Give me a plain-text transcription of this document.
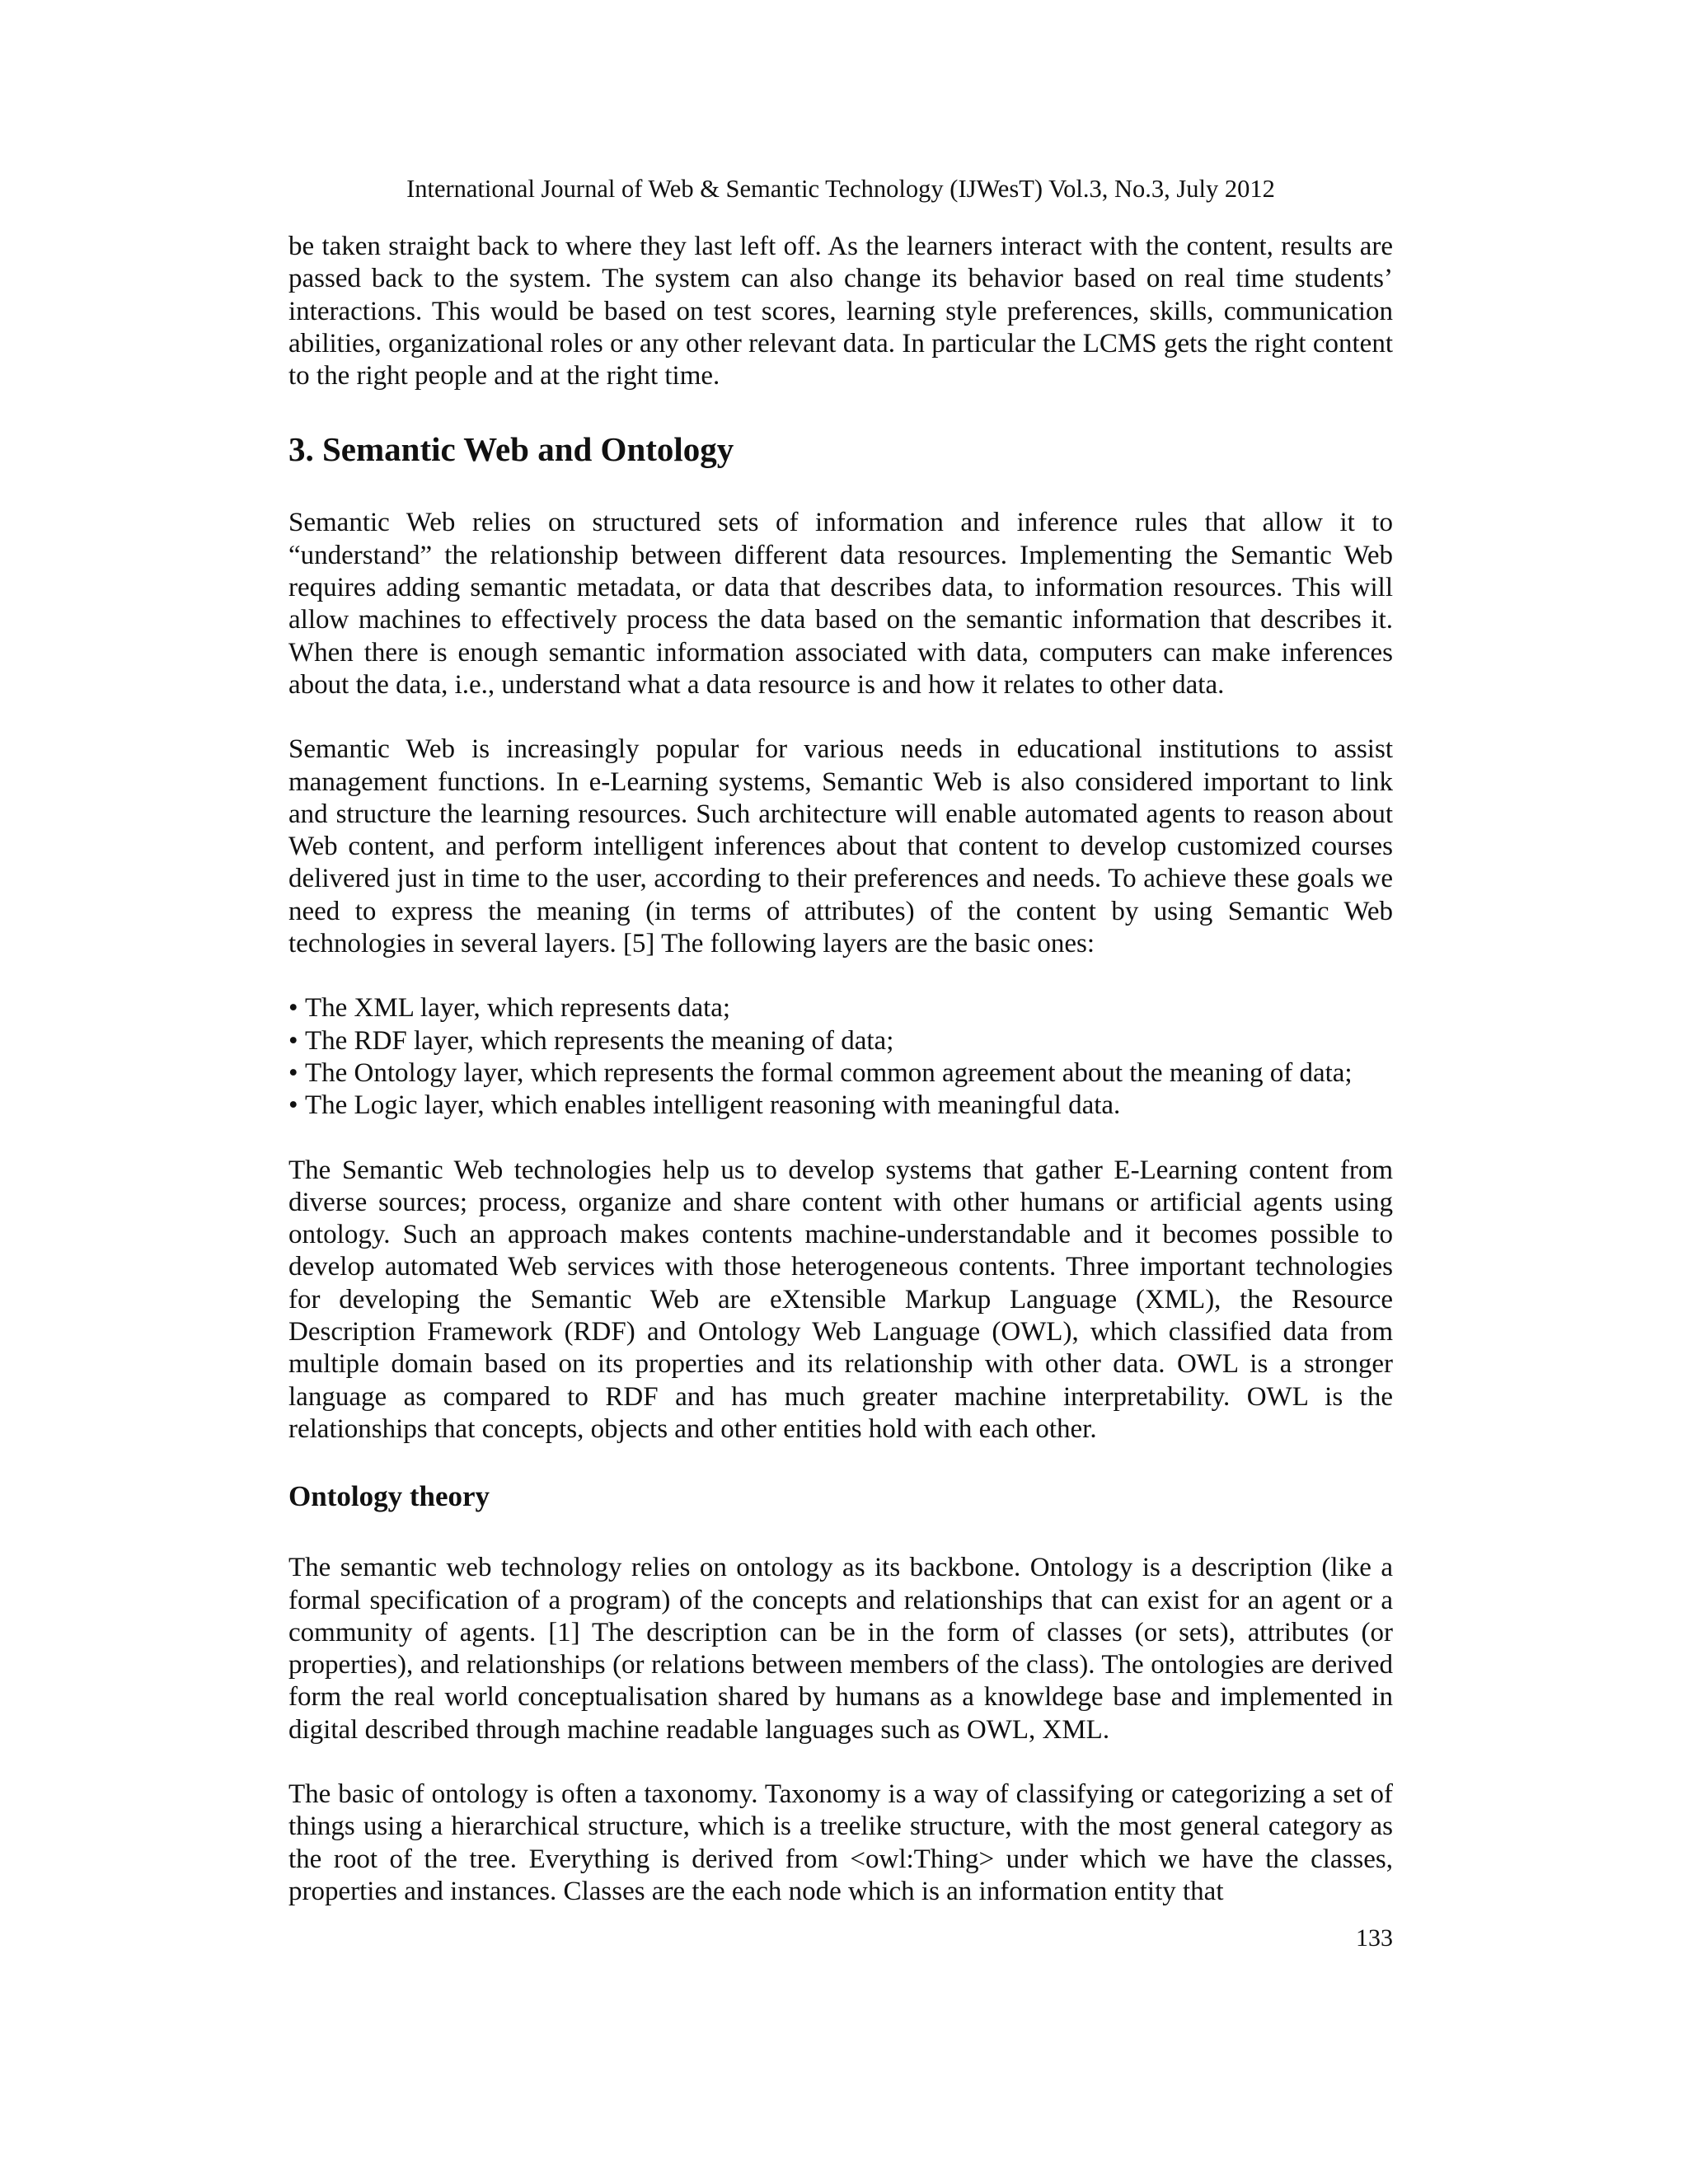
International Journal of Web & Semantic Technology (IJWesT) Vol.3, No.3, July 2012

be taken straight back to where they last left off. As the learners interact with the content, results are passed back to the system. The system can also change its behavior based on real time students’ interactions. This would be based on test scores, learning style preferences, skills, communication abilities, organizational roles or any other relevant data. In particular the LCMS gets the right content to the right people and at the right time.

3. Semantic Web and Ontology

Semantic Web relies on structured sets of information and inference rules that allow it to “understand” the relationship between different data resources. Implementing the Semantic Web requires adding semantic metadata, or data that describes data, to information resources. This will allow machines to effectively process the data based on the semantic information that describes it. When there is enough semantic information associated with data, computers can make inferences about the data, i.e., understand what a data resource is and how it relates to other data.

Semantic Web is increasingly popular for various needs in educational institutions to assist management functions. In e-Learning systems, Semantic Web is also considered important to link and structure the learning resources. Such architecture will enable automated agents to reason about Web content, and perform intelligent inferences about that content to develop customized courses delivered just in time to the user, according to their preferences and needs. To achieve these goals we need to express the meaning (in terms of attributes) of the content by using Semantic Web technologies in several layers. [5] The following layers are the basic ones:

• The XML layer, which represents data;
• The RDF layer, which represents the meaning of data;
• The Ontology layer, which represents the formal common agreement about the meaning of data;
• The Logic layer, which enables intelligent reasoning with meaningful data.

The Semantic Web technologies help us to develop systems that gather E-Learning content from diverse sources; process, organize and share content with other humans or artificial agents using ontology. Such an approach makes contents machine-understandable and it becomes possible to develop automated Web services with those heterogeneous contents. Three important technologies for developing the Semantic Web are eXtensible Markup Language (XML), the Resource Description Framework (RDF) and Ontology Web Language (OWL), which classified data from multiple domain based on its properties and its relationship with other data. OWL is a stronger language as compared to RDF and has much greater machine interpretability. OWL is the relationships that concepts, objects and other entities hold with each other.

Ontology theory

The semantic web technology relies on ontology as its backbone. Ontology is a description (like a formal specification of a program) of the concepts and relationships that can exist for an agent or a community of agents. [1] The description can be in the form of classes (or sets), attributes (or properties), and relationships (or relations between members of the class). The ontologies are derived form the real world conceptualisation shared by humans as a knowldege base and implemented in digital described through machine readable languages such as OWL, XML.

The basic of ontology is often a taxonomy. Taxonomy is a way of classifying or categorizing a set of things using a hierarchical structure, which is a treelike structure, with the most general category as the root of the tree. Everything is derived from <owl:Thing> under which we have the classes, properties and instances. Classes are the each node which is an information entity that

133
